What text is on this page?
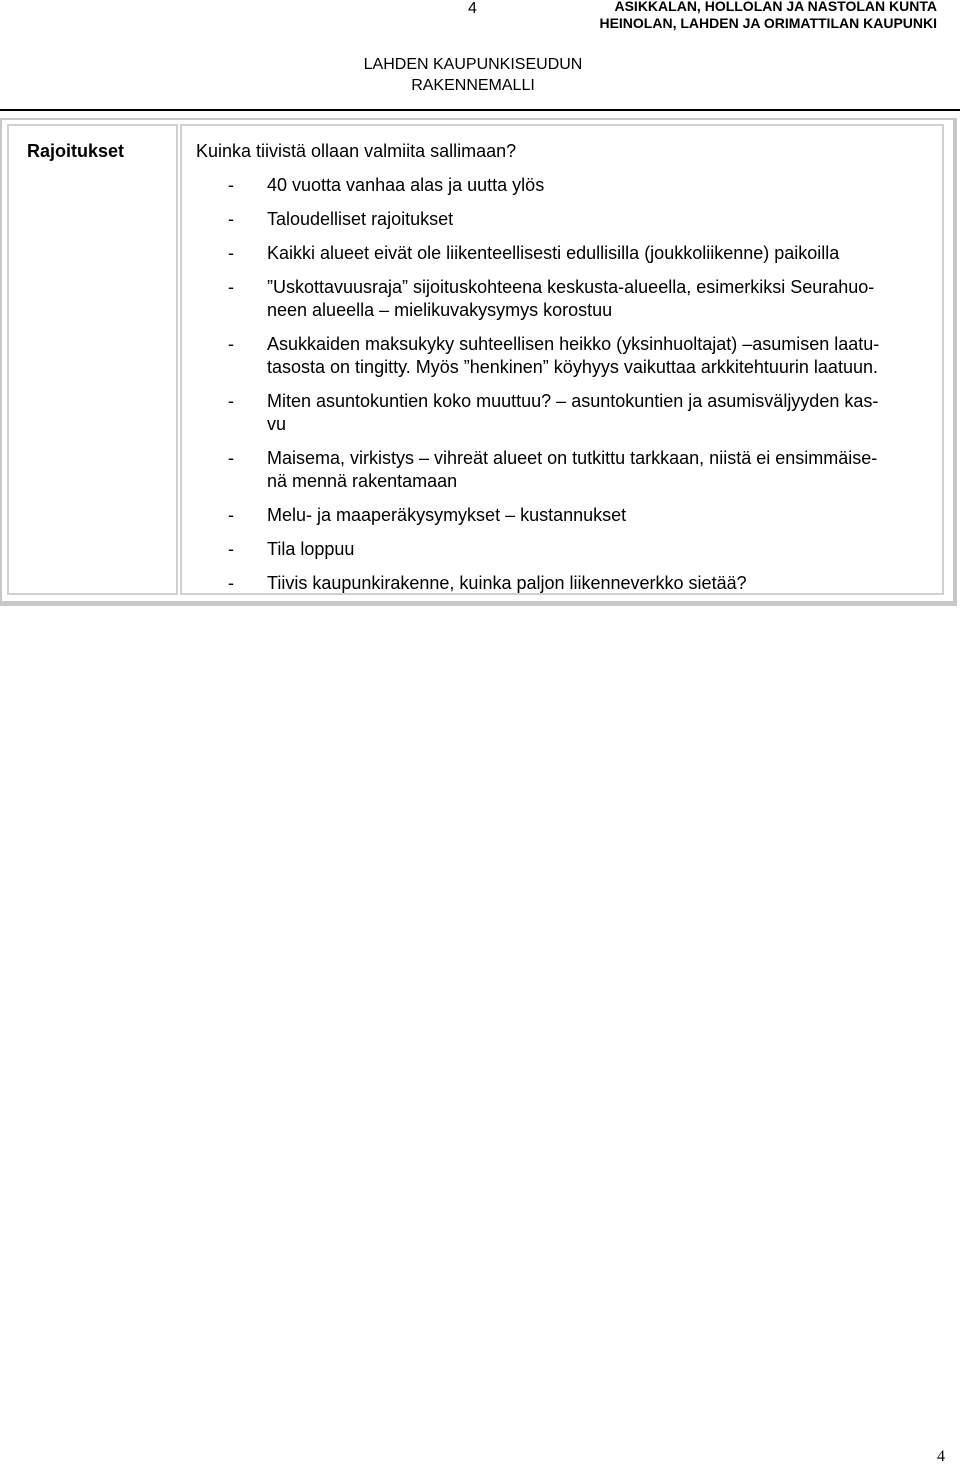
4	ASIKKALAN, HOLLOLAN JA NASTOLAN KUNTA
HEINOLAN, LAHDEN JA ORIMATTILAN KAUPUNKI
LAHDEN KAUPUNKISEUDUN
RAKENNEMALLI
Rajoitukset	Kuinka tiivistä ollaan valmiita sallimaan?
- 40 vuotta vanhaa alas ja uutta ylös
- Taloudelliset rajoitukset
- Kaikki alueet eivät ole liikenteellisesti edullisilla (joukkoliikenne) paikoilla
- ”Uskottavuusraja” sijoituskohteena keskusta-alueella, esimerkiksi Seurahuo-
neen alueella – mielikuvakysymys korostuu
- Asukkaiden maksukyky suhteellisen heikko (yksinhuoltajat) –asumisen laatu-
tasosta on tingitty. Myös ”henkinen” köyhyys vaikuttaa arkkitehtuurin laatuun.
- Miten asuntokuntien koko muuttuu? – asuntokuntien ja asumisväljyyden kas-
vu
- Maisema, virkistys – vihreät alueet on tutkittu tarkkaan, niistä ei ensimmäise-
nä mennä rakentamaan
- Melu- ja maaperäkysymykset – kustannukset
- Tila loppuu
- Tiivis kaupunkirakenne, kuinka paljon liikenneverkko sietää?
4
